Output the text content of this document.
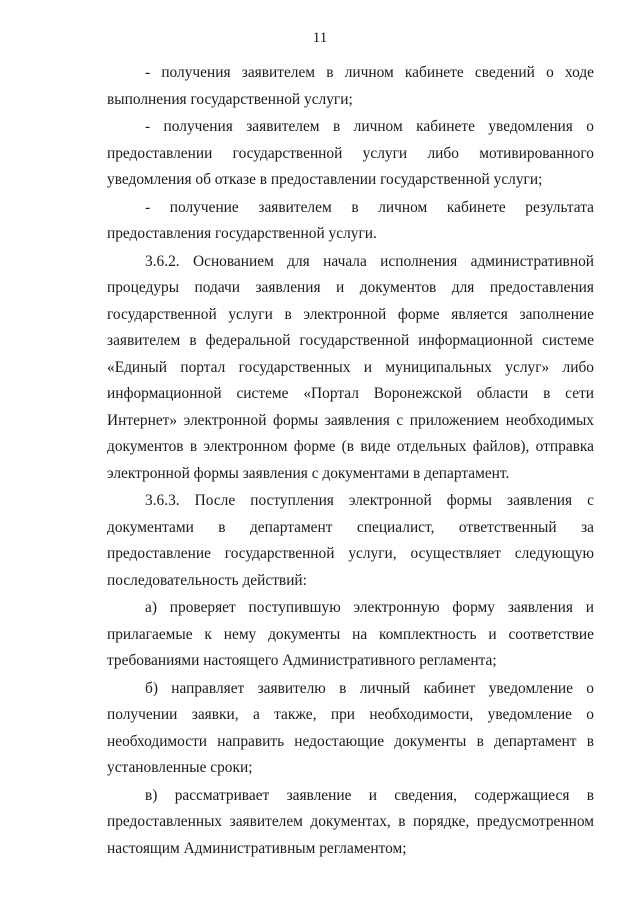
11

- получения заявителем в личном кабинете сведений о ходе выполнения государственной услуги;

- получения заявителем в личном кабинете уведомления о предоставлении государственной услуги либо мотивированного уведомления об отказе в предоставлении государственной услуги;

- получение заявителем в личном кабинете результата предоставления государственной услуги.

3.6.2. Основанием для начала исполнения административной процедуры подачи заявления и документов для предоставления государственной услуги в электронной форме является заполнение заявителем в федеральной государственной информационной системе «Единый портал государственных и муниципальных услуг» либо информационной системе «Портал Воронежской области в сети Интернет» электронной формы заявления с приложением необходимых документов в электронном форме (в виде отдельных файлов), отправка электронной формы заявления с документами в департамент.

3.6.3. После поступления электронной формы заявления с документами в департамент специалист, ответственный за предоставление государственной услуги, осуществляет следующую последовательность действий:

а) проверяет поступившую электронную форму заявления и прилагаемые к нему документы на комплектность и соответствие требованиями настоящего Административного регламента;

б) направляет заявителю в личный кабинет уведомление о получении заявки, а также, при необходимости, уведомление о необходимости направить недостающие документы в департамент в установленные сроки;

в) рассматривает заявление и сведения, содержащиеся в предоставленных заявителем документах, в порядке, предусмотренном настоящим Административным регламентом;
